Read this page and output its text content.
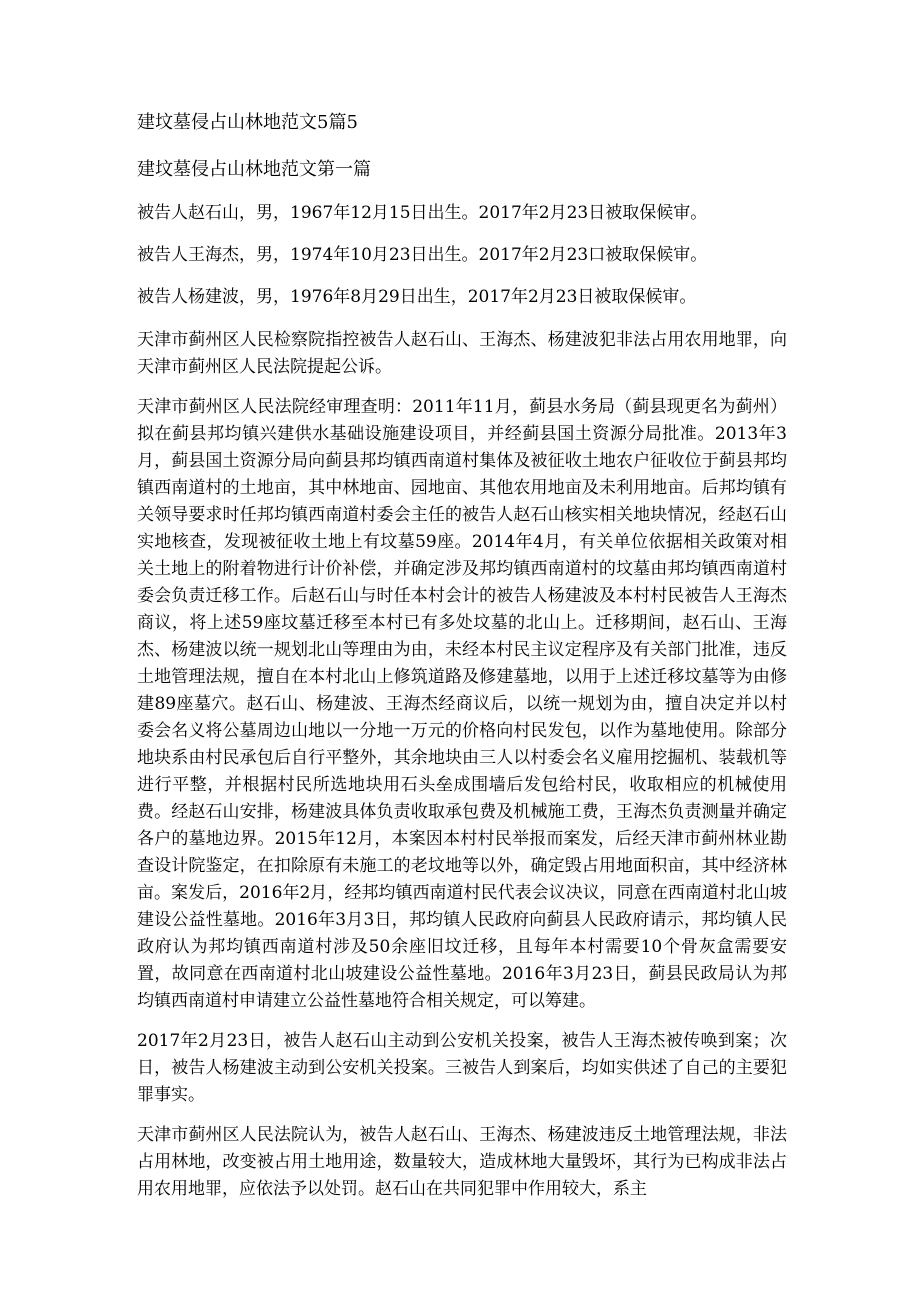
建坟墓侵占山林地范文5篇5
建坟墓侵占山林地范文第一篇

被告人赵石山，男，1967年12月15日出生。2017年2月23日被取保候审。

被告人王海杰，男，1974年10月23日出生。2017年2月23口被取保候审。

被告人杨建波，男，1976年8月29日出生，2017年2月23日被取保候审。

天津市蓟州区人民检察院指控被告人赵石山、王海杰、杨建波犯非法占用农用地罪，向天津市蓟州区人民法院提起公诉。

天津市蓟州区人民法院经审理查明：2011年11月，蓟县水务局（蓟县现更名为蓟州）拟在蓟县邦均镇兴建供水基础设施建设项目，并经蓟县国土资源分局批准。2013年3月，蓟县国土资源分局向蓟县邦均镇西南道村集体及被征收土地农户征收位于蓟县邦均镇西南道村的土地亩，其中林地亩、园地亩、其他农用地亩及未利用地亩。后邦均镇有关领导要求时任邦均镇西南道村委会主任的被告人赵石山核实相关地块情况，经赵石山实地核查，发现被征收土地上有坟墓59座。2014年4月，有关单位依据相关政策对相关土地上的附着物进行计价补偿，并确定涉及邦均镇西南道村的坟墓由邦均镇西南道村委会负责迁移工作。后赵石山与时任本村会计的被告人杨建波及本村村民被告人王海杰商议，将上述59座坟墓迁移至本村已有多处坟墓的北山上。迁移期间，赵石山、王海杰、杨建波以统一规划北山等理由为由，未经本村民主议定程序及有关部门批准，违反土地管理法规，擅自在本村北山上修筑道路及修建墓地，以用于上述迁移坟墓等为由修建89座墓穴。赵石山、杨建波、王海杰经商议后，以统一规划为由，擅自决定并以村委会名义将公墓周边山地以一分地一万元的价格向村民发包，以作为墓地使用。除部分地块系由村民承包后自行平整外，其余地块由三人以村委会名义雇用挖掘机、装载机等进行平整，并根据村民所选地块用石头垒成围墙后发包给村民，收取相应的机械使用费。经赵石山安排，杨建波具体负责收取承包费及机械施工费，王海杰负责测量并确定各户的墓地边界。2015年12月，本案因本村村民举报而案发，后经天津市蓟州林业勘查设计院鉴定，在扣除原有未施工的老坟地等以外，确定毁占用地面积亩，其中经济林亩。案发后，2016年2月，经邦均镇西南道村民代表会议决议，同意在西南道村北山坡建设公益性墓地。2016年3月3日，邦均镇人民政府向蓟县人民政府请示，邦均镇人民政府认为邦均镇西南道村涉及50余座旧坟迁移，且每年本村需要10个骨灰盒需要安置，故同意在西南道村北山坡建设公益性墓地。2016年3月23日，蓟县民政局认为邦均镇西南道村申请建立公益性墓地符合相关规定，可以筹建。

2017年2月23日，被告人赵石山主动到公安机关投案，被告人王海杰被传唤到案；次日，被告人杨建波主动到公安机关投案。三被告人到案后，均如实供述了自己的主要犯罪事实。

天津市蓟州区人民法院认为，被告人赵石山、王海杰、杨建波违反土地管理法规，非法占用林地，改变被占用土地用途，数量较大，造成林地大量毁坏，其行为已构成非法占用农用地罪，应依法予以处罚。赵石山在共同犯罪中作用较大，系主
